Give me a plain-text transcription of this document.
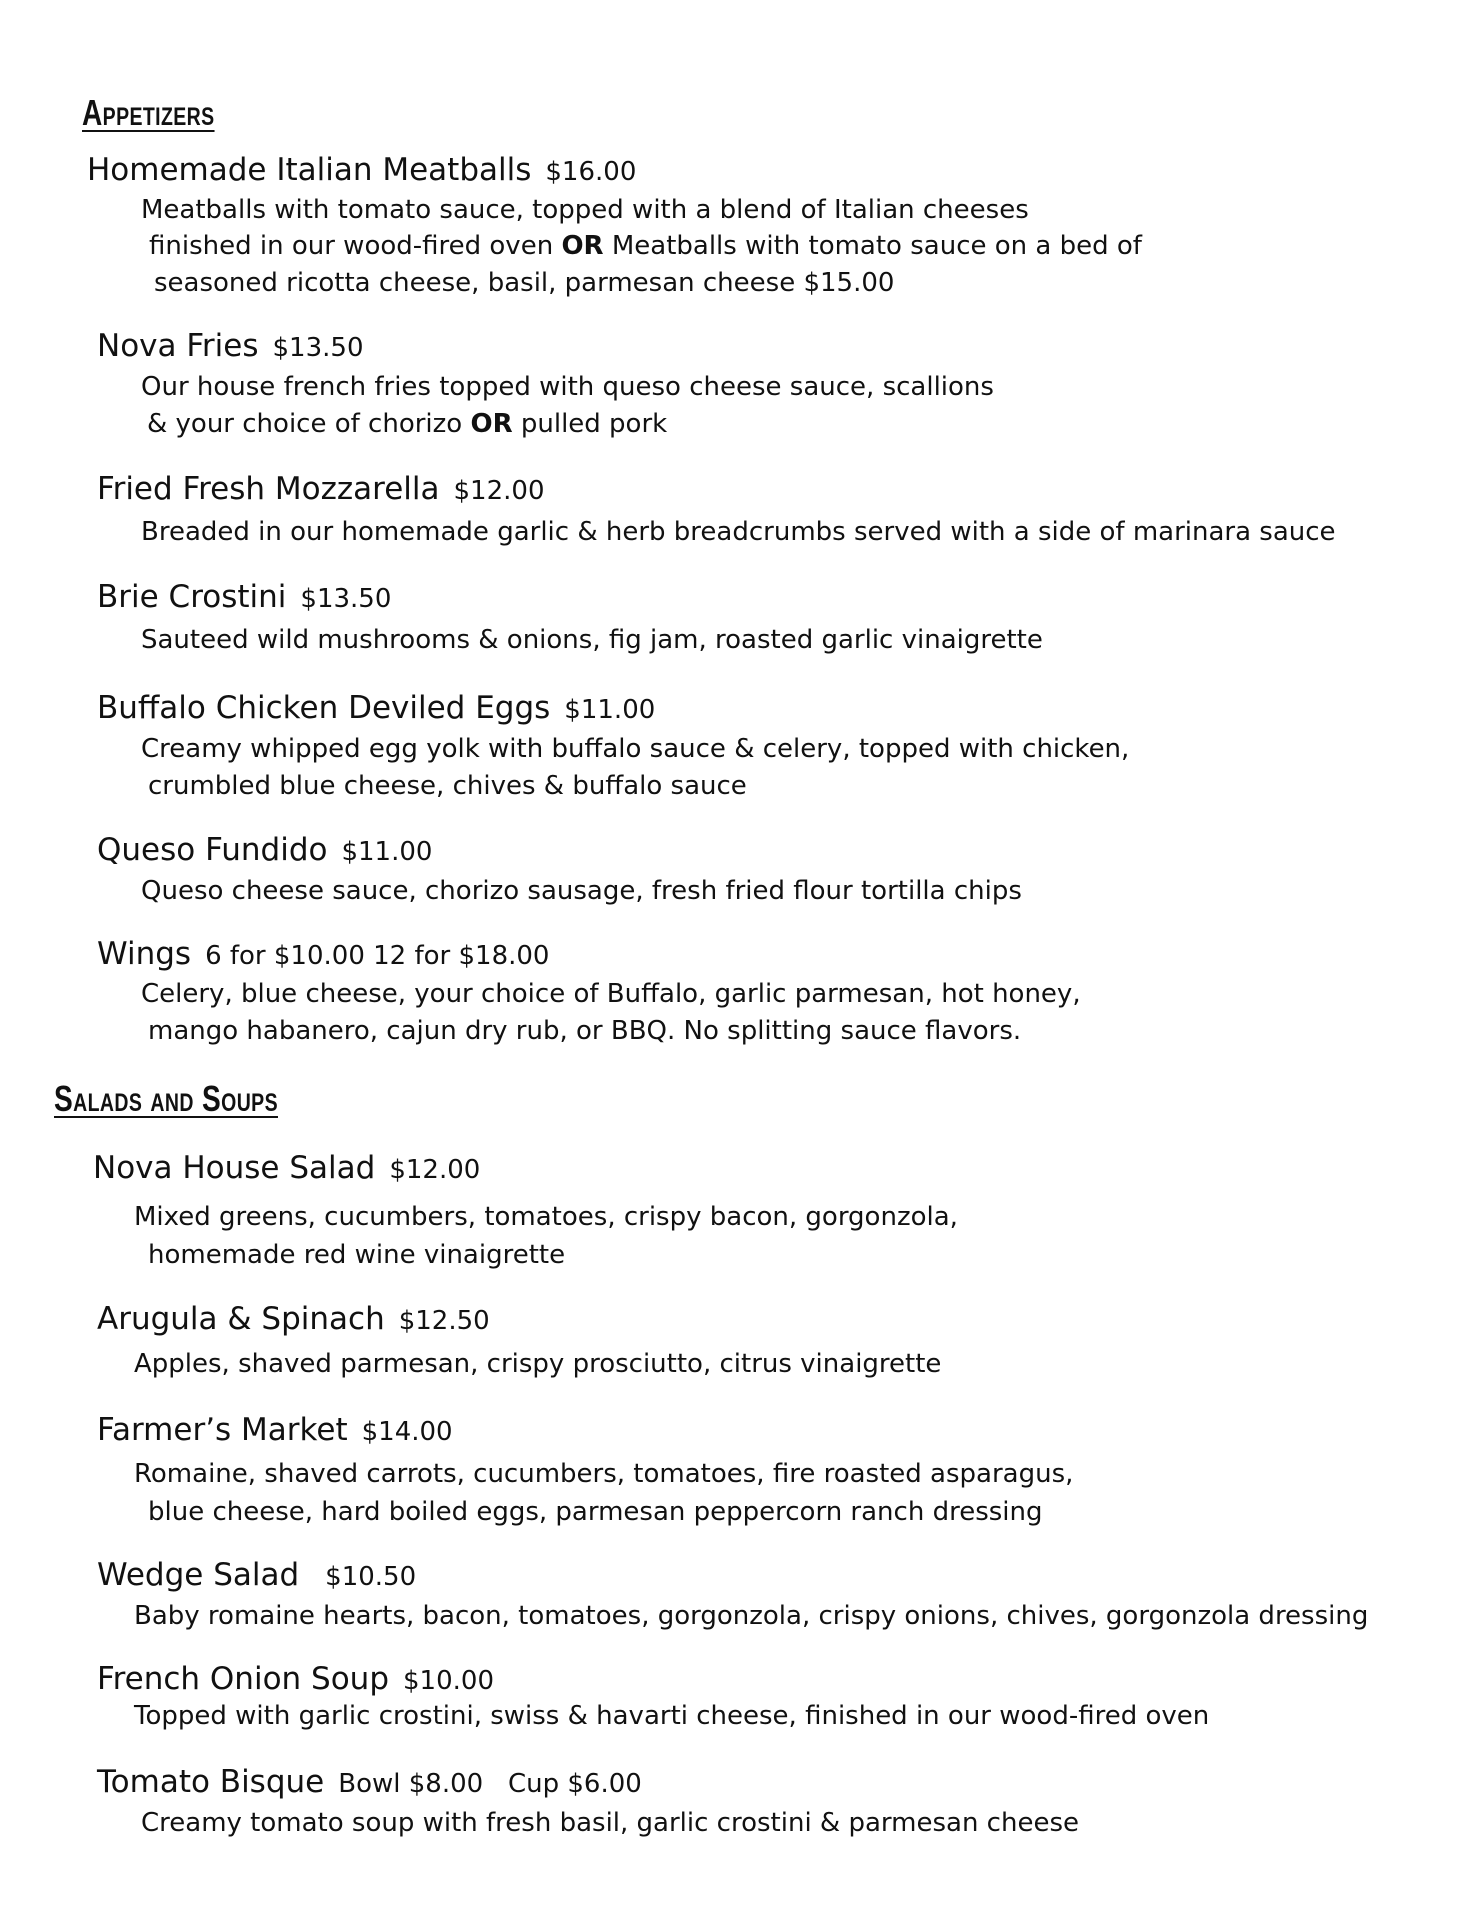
Appetizers
Homemade Italian Meatballs $16.00
Meatballs with tomato sauce, topped with a blend of Italian cheeses
finished in our wood-fired oven OR Meatballs with tomato sauce on a bed of
seasoned ricotta cheese, basil, parmesan cheese $15.00
Nova Fries $13.50
Our house french fries topped with queso cheese sauce, scallions
& your choice of chorizo OR pulled pork
Fried Fresh Mozzarella $12.00
Breaded in our homemade garlic & herb breadcrumbs served with a side of marinara sauce
Brie Crostini $13.50
Sauteed wild mushrooms & onions, fig jam, roasted garlic vinaigrette
Buffalo Chicken Deviled Eggs $11.00
Creamy whipped egg yolk with buffalo sauce & celery, topped with chicken,
crumbled blue cheese, chives & buffalo sauce
Queso Fundido $11.00
Queso cheese sauce, chorizo sausage, fresh fried flour tortilla chips
Wings 6 for $10.00 12 for $18.00
Celery, blue cheese, your choice of Buffalo, garlic parmesan, hot honey,
mango habanero, cajun dry rub, or BBQ. No splitting sauce flavors.
Salads and Soups
Nova House Salad $12.00
Mixed greens, cucumbers, tomatoes, crispy bacon, gorgonzola,
homemade red wine vinaigrette
Arugula & Spinach $12.50
Apples, shaved parmesan, crispy prosciutto, citrus vinaigrette
Farmer’s Market $14.00
Romaine, shaved carrots, cucumbers, tomatoes, fire roasted asparagus,
blue cheese, hard boiled eggs, parmesan peppercorn ranch dressing
Wedge Salad $10.50
Baby romaine hearts, bacon, tomatoes, gorgonzola, crispy onions, chives, gorgonzola dressing
French Onion Soup $10.00
Topped with garlic crostini, swiss & havarti cheese, finished in our wood-fired oven
Tomato Bisque Bowl $8.00   Cup $6.00
Creamy tomato soup with fresh basil, garlic crostini & parmesan cheese
